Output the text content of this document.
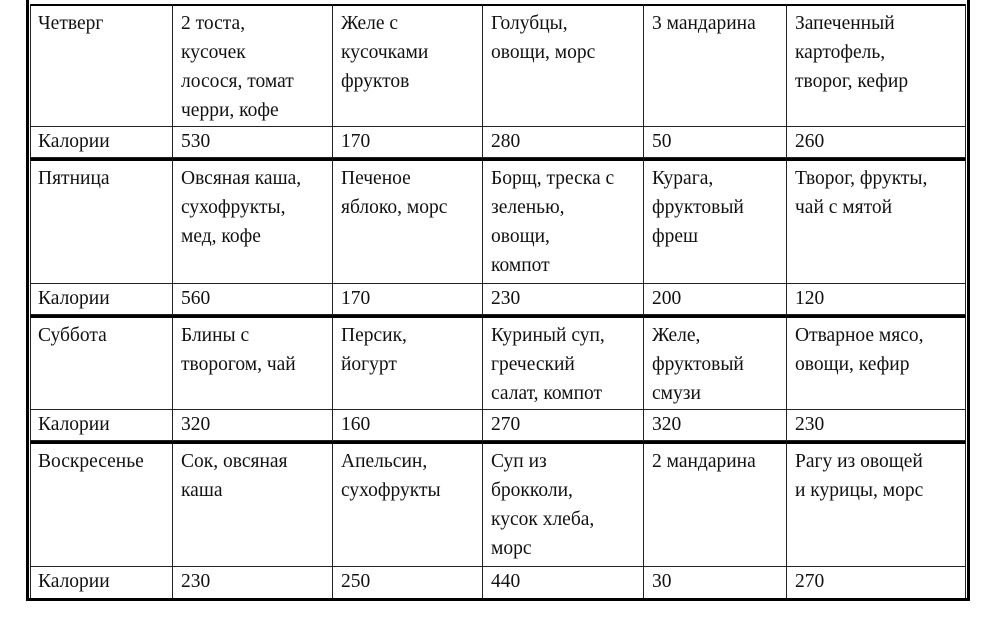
Четверг	2 тоста,
кусочек
лосося, томат
черри, кофе	Желе с
кусочками
фруктов	Голубцы,
овощи, морс	3 мандарина	Запеченный
картофель,
творог, кефир
Калории	530	170	280	50	260
Пятница	Овсяная каша,
сухофрукты,
мед, кофе	Печеное
яблоко, морс	Борщ, треска с
зеленью,
овощи,
компот	Курага,
фруктовый
фреш	Творог, фрукты,
чай с мятой
Калории	560	170	230	200	120
Суббота	Блины с
творогом, чай	Персик,
йогурт	Куриный суп,
греческий
салат, компот	Желе,
фруктовый
смузи	Отварное мясо,
овощи, кефир
Калории	320	160	270	320	230
Воскресенье	Сок, овсяная
каша	Апельсин,
сухофрукты	Суп из
брокколи,
кусок хлеба,
морс	2 мандарина	Рагу из овощей
и курицы, морс
Калории	230	250	440	30	270
